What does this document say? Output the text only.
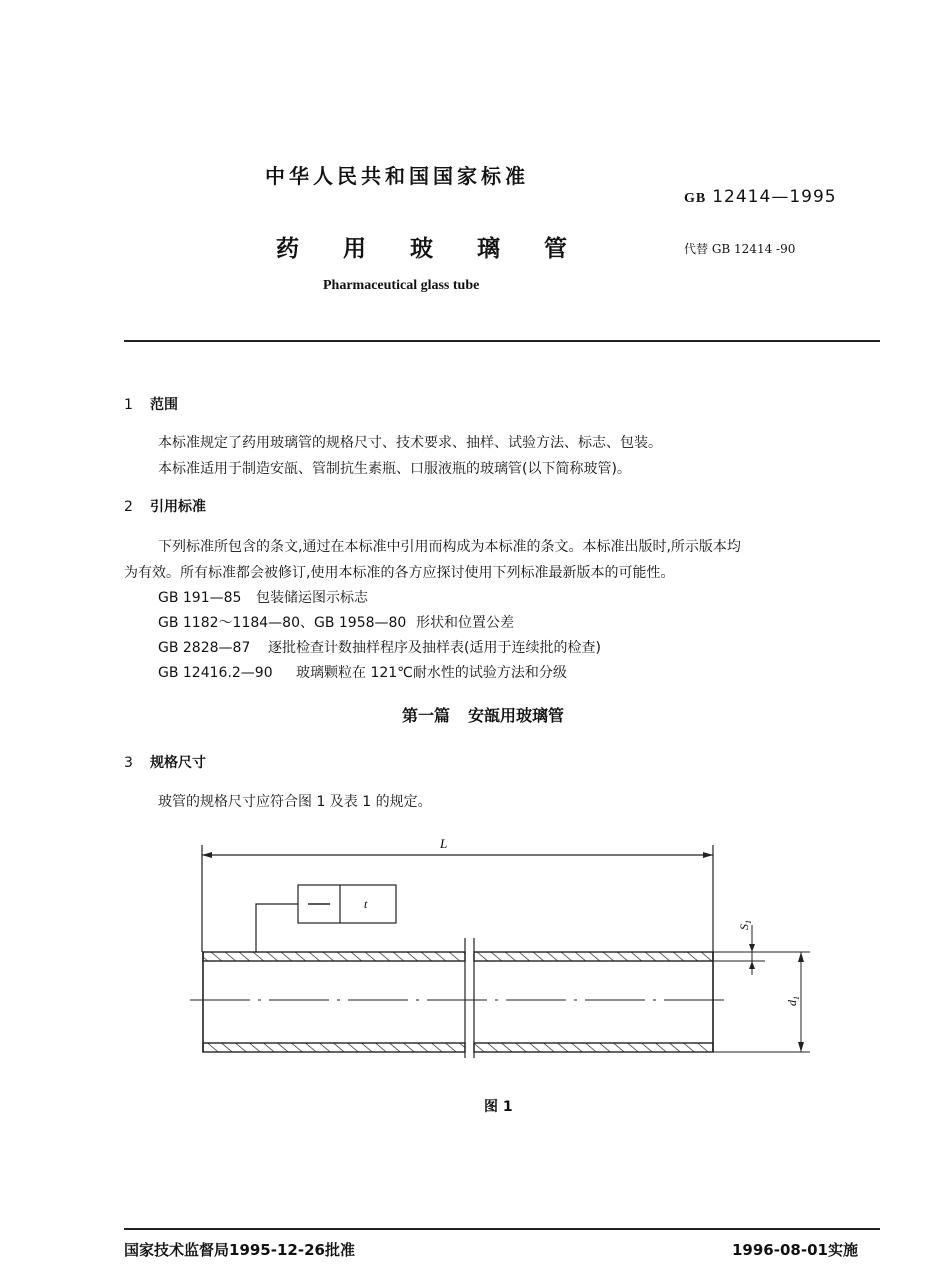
中华人民共和国国家标准
GB 12414—1995
药 用 玻 璃 管	代替 GB 12414 -90
Pharmaceutical glass tube
1 范围
本标准规定了药用玻璃管的规格尺寸、技术要求、抽样、试验方法、标志、包装。
本标准适用于制造安瓿、管制抗生素瓶、口服液瓶的玻璃管(以下简称玻管)。
2 引用标准
下列标准所包含的条文,通过在本标准中引用而构成为本标准的条文。本标准出版时,所示版本均
为有效。所有标准都会被修订,使用本标准的各方应探讨使用下列标准最新版本的可能性。
GB 191—85 包装储运图示标志
GB 1182～1184—80、GB 1958—80 形状和位置公差
GB 2828—87 逐批检查计数抽样程序及抽样表(适用于连续批的检查)
GB 12416.2—90 玻璃颗粒在 121℃耐水性的试验方法和分级
第一篇 安瓿用玻璃管
3 规格尺寸
玻管的规格尺寸应符合图 1 及表 1 的规定。
L
t
$S_1$
$d_1$
图 1
国家技术监督局1995-12-26批准	1996-08-01实施
